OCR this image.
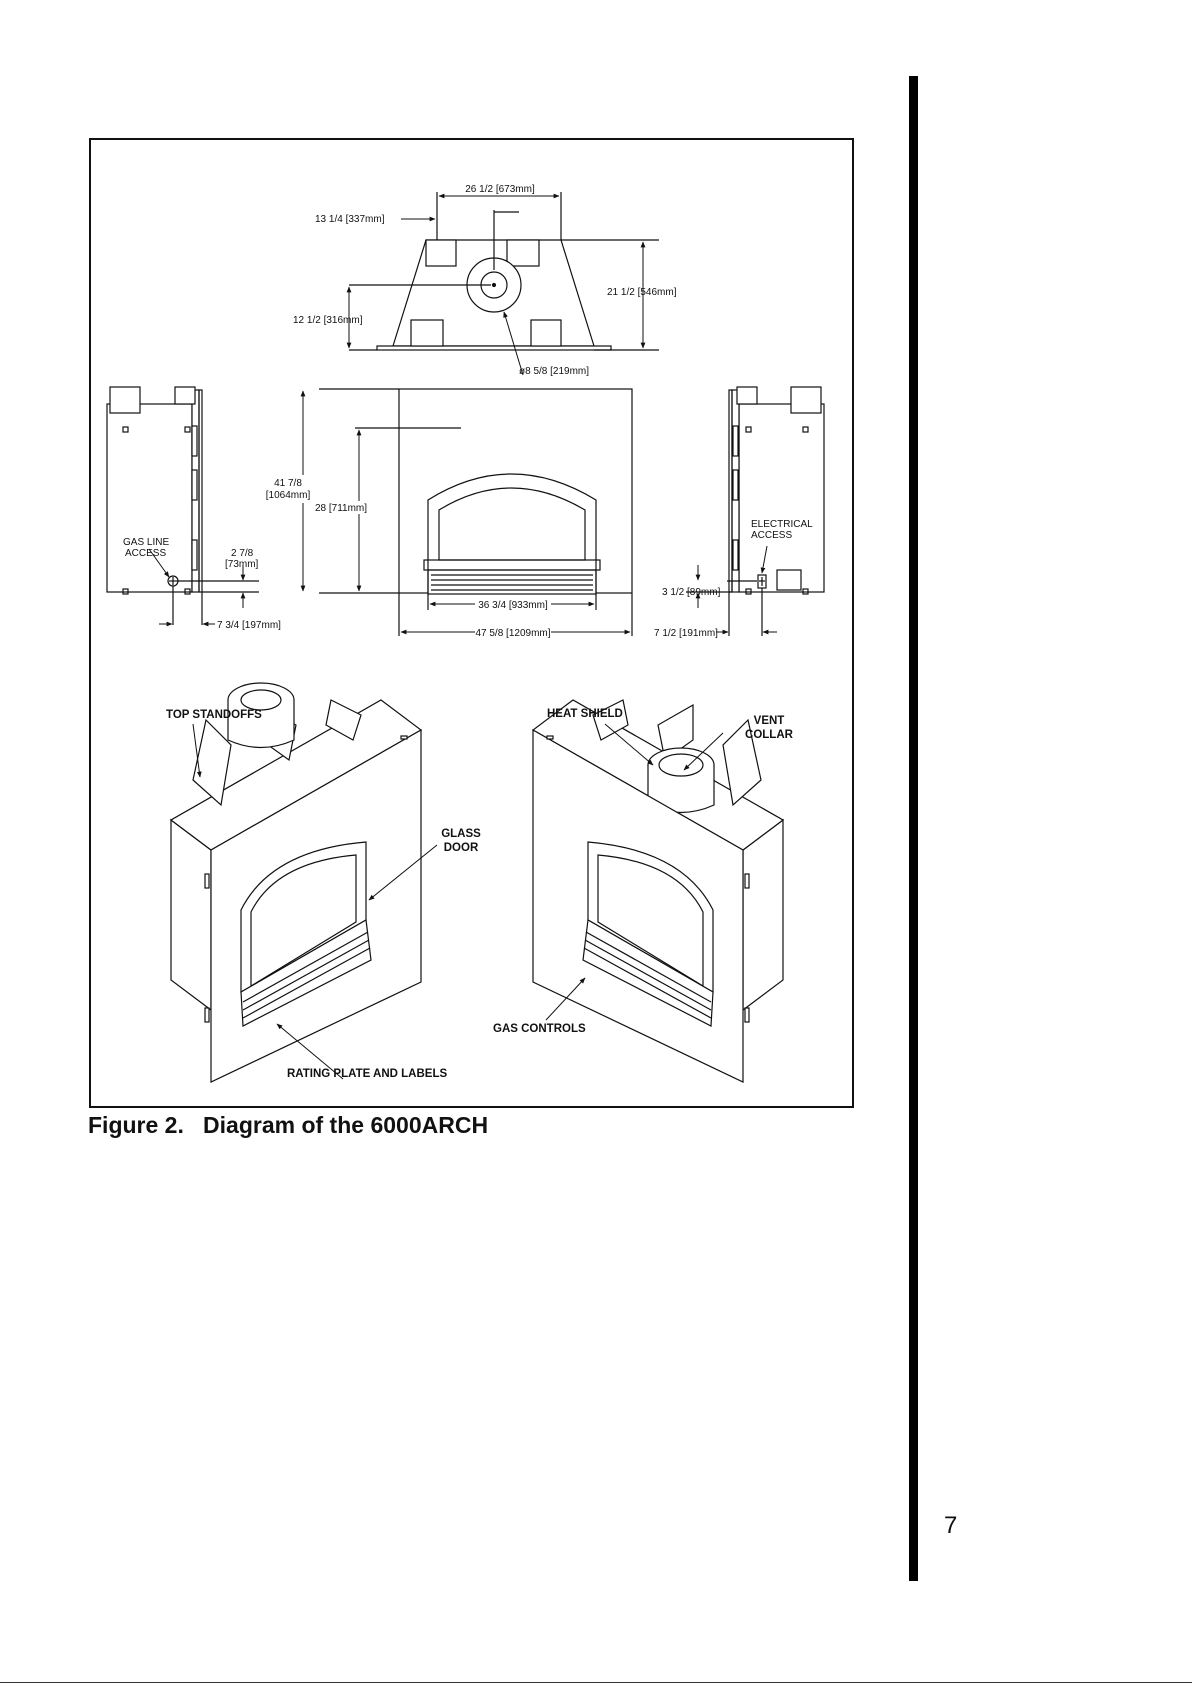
26 1/2 [673mm]
13 1/4 [337mm]
21 1/2 [546mm]
12 1/2 [316mm]
ø8 5/8 [219mm]
GAS LINE
ACCESS	2 7/8
[73mm]
7 3/4 [197mm]
41 7/8
[1064mm]
28 [711mm]
36 3/4 [933mm]
47 5/8 [1209mm]
ELECTRICAL
ACCESS
3 1/2 [89mm]
7 1/2 [191mm]
TOP STANDOFFS
GLASS
DOOR
RATING PLATE AND LABELS
HEAT SHIELD
VENT
COLLAR
GAS CONTROLS
Figure 2. Diagram of the 6000ARCH
7
